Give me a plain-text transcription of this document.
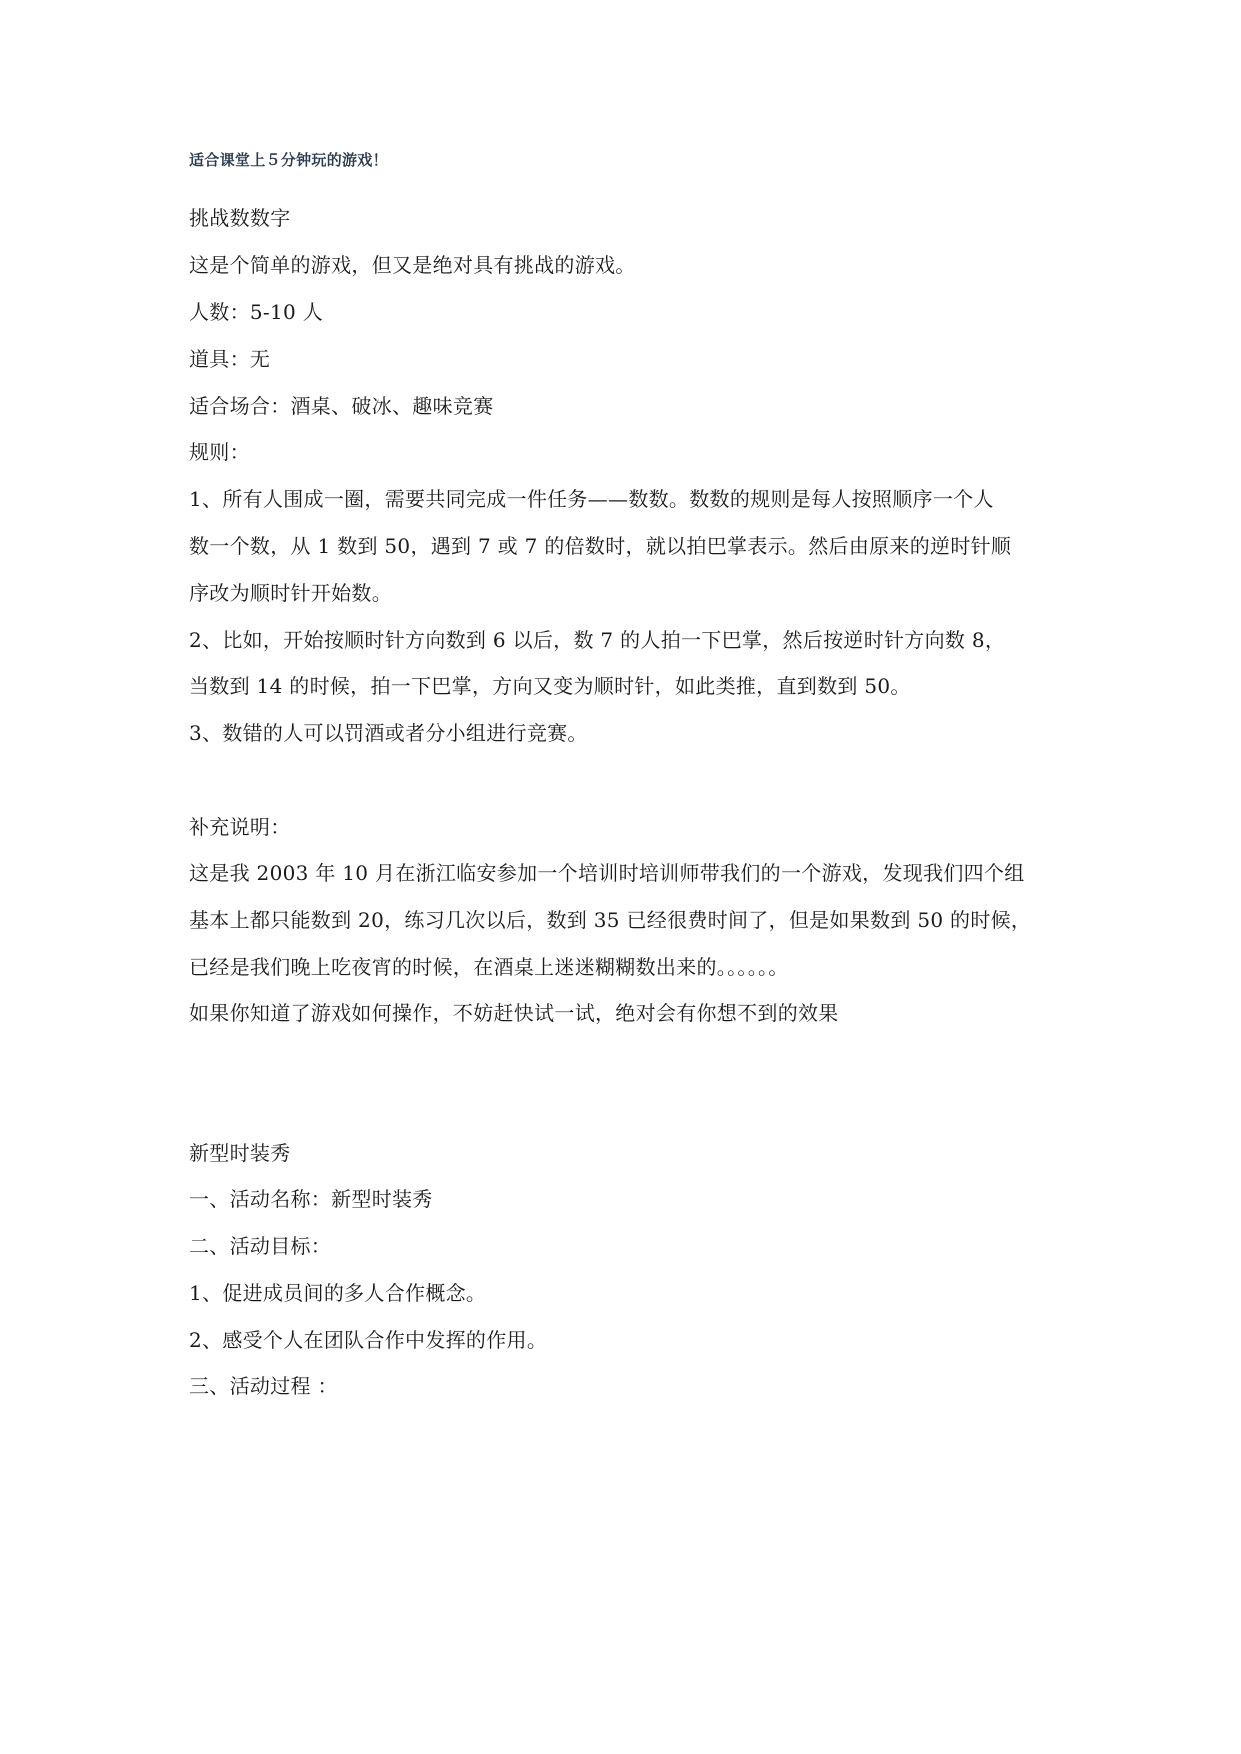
适合课堂上５分钟玩的游戏！
挑战数数字
这是个简单的游戏，但又是绝对具有挑战的游戏。
人数：5-10 人
道具：无
适合场合：酒桌、破冰、趣味竞赛
规则：
1、所有人围成一圈，需要共同完成一件任务——数数。数数的规则是每人按照顺序一个人
数一个数，从 1 数到 50，遇到 7 或 7 的倍数时，就以拍巴掌表示。然后由原来的逆时针顺
序改为顺时针开始数。
2、比如，开始按顺时针方向数到 6 以后，数 7 的人拍一下巴掌，然后按逆时针方向数 8，
当数到 14 的时候，拍一下巴掌，方向又变为顺时针，如此类推，直到数到 50。
3、数错的人可以罚酒或者分小组进行竞赛。
补充说明：
这是我 2003 年 10 月在浙江临安参加一个培训时培训师带我们的一个游戏，发现我们四个组
基本上都只能数到 20，练习几次以后，数到 35 已经很费时间了，但是如果数到 50 的时候，
已经是我们晚上吃夜宵的时候，在酒桌上迷迷糊糊数出来的。。。。。。
如果你知道了游戏如何操作，不妨赶快试一试，绝对会有你想不到的效果
新型时装秀
一、活动名称：新型时装秀
二、活动目标：
1、促进成员间的多人合作概念。
2、感受个人在团队合作中发挥的作用。
三、活动过程 ：
